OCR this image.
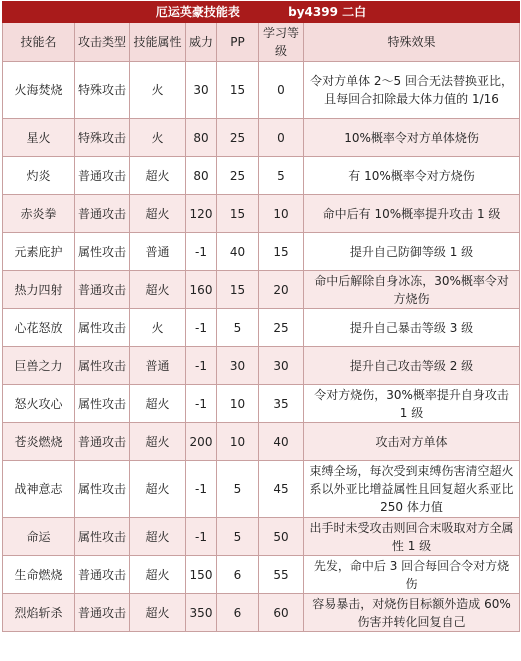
厄运英豪技能表 by4399 二白						
技能名	攻击类型	技能属性	威力	PP	学习等级	特殊效果
火海焚烧	特殊攻击	火	30	15	0	令对方单体 2～5 回合无法替换亚比，且每回合扣除最大体力值的 1/16
星火	特殊攻击	火	80	25	0	10%概率令对方单体烧伤
灼炎	普通攻击	超火	80	25	5	有 10%概率令对方烧伤
赤炎拳	普通攻击	超火	120	15	10	命中后有 10%概率提升攻击 1 级
元素庇护	属性攻击	普通	-1	40	15	提升自己防御等级 1 级
热力四射	普通攻击	超火	160	15	20	命中后解除自身冰冻，30%概率令对方烧伤
心花怒放	属性攻击	火	-1	5	25	提升自己暴击等级 3 级
巨兽之力	属性攻击	普通	-1	30	30	提升自己攻击等级 2 级
怒火攻心	属性攻击	超火	-1	10	35	令对方烧伤，30%概率提升自身攻击 1 级
苍炎燃烧	普通攻击	超火	200	10	40	攻击对方单体
战神意志	属性攻击	超火	-1	5	45	束缚全场，每次受到束缚伤害清空超火系以外亚比增益属性且回复超火系亚比 250 体力值
命运	属性攻击	超火	-1	5	50	出手时未受攻击则回合末吸取对方全属性 1 级
生命燃烧	普通攻击	超火	150	6	55	先发，命中后 3 回合每回合令对方烧伤
烈焰斩杀	普通攻击	超火	350	6	60	容易暴击，对烧伤目标额外造成 60%伤害并转化回复自己
